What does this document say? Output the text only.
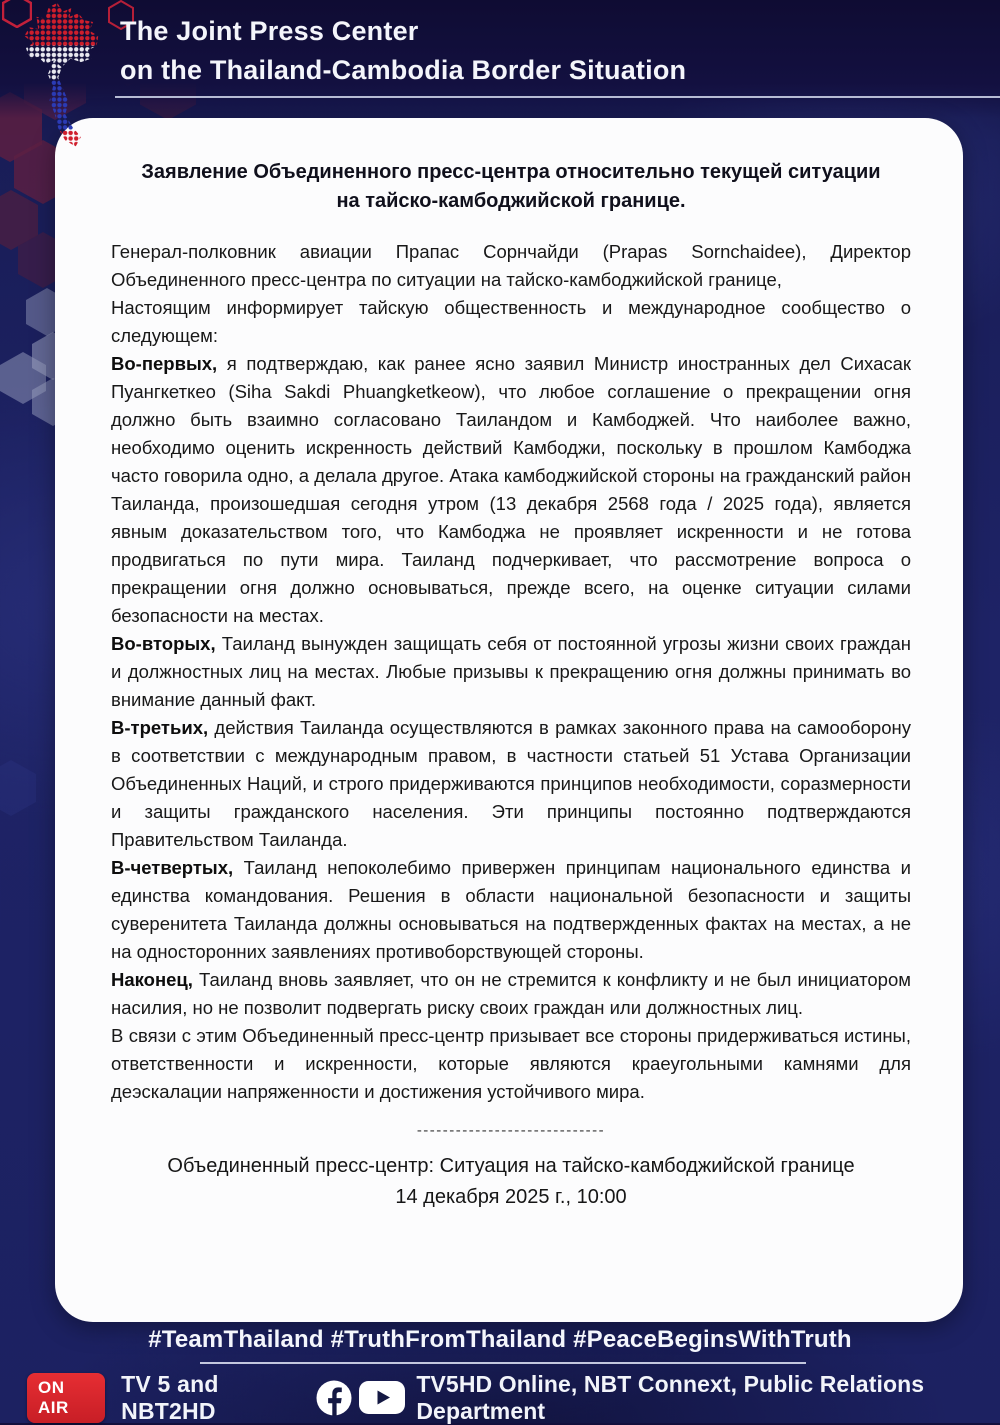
The Joint Press Center
on the Thailand-Cambodia Border Situation
Заявление Объединенного пресс-центра относительно текущей ситуации на тайско-камбоджийской границе.

Генерал-полковник авиации Прапас Сорнчайди (Prapas Sornchaidee), Директор Объединенного пресс-центра по ситуации на тайско-камбоджийской границе,

Настоящим информирует тайскую общественность и международное сообщество о следующем:

Во-первых, я подтверждаю, как ранее ясно заявил Министр иностранных дел Сихасак Пуангкеткео (Siha Sakdi Phuangketkeow), что любое соглашение о прекращении огня должно быть взаимно согласовано Таиландом и Камбоджей. Что наиболее важно, необходимо оценить искренность действий Камбоджи, поскольку в прошлом Камбоджа часто говорила одно, а делала другое. Атака камбоджийской стороны на гражданский район Таиланда, произошедшая сегодня утром (13 декабря 2568 года / 2025 года), является явным доказательством того, что Камбоджа не проявляет искренности и не готова продвигаться по пути мира. Таиланд подчеркивает, что рассмотрение вопроса о прекращении огня должно основываться, прежде всего, на оценке ситуации силами безопасности на местах.

Во-вторых, Таиланд вынужден защищать себя от постоянной угрозы жизни своих граждан и должностных лиц на местах. Любые призывы к прекращению огня должны принимать во внимание данный факт.

В-третьих, действия Таиланда осуществляются в рамках законного права на самооборону в соответствии с международным правом, в частности статьей 51 Устава Организации Объединенных Наций, и строго придерживаются принципов необходимости, соразмерности и защиты гражданского населения. Эти принципы постоянно подтверждаются Правительством Таиланда.

В-четвертых, Таиланд непоколебимо привержен принципам национального единства и единства командования. Решения в области национальной безопасности и защиты суверенитета Таиланда должны основываться на подтвержденных фактах на местах, а не на односторонних заявлениях противоборствующей стороны.

Наконец, Таиланд вновь заявляет, что он не стремится к конфликту и не был инициатором насилия, но не позволит подвергать риску своих граждан или должностных лиц.

В связи с этим Объединенный пресс-центр призывает все стороны придерживаться истины, ответственности и искренности, которые являются краеугольными камнями для деэскалации напряженности и достижения устойчивого мира.

-----------------------------
Объединенный пресс-центр: Ситуация на тайско-камбоджийской границе
14 декабря 2025 г., 10:00
#TeamThailand #TruthFromThailand #PeaceBeginsWithTruth
ON AIR
TV 5 and NBT2HD
TV5HD Online, NBT Connext, Public Relations Department
